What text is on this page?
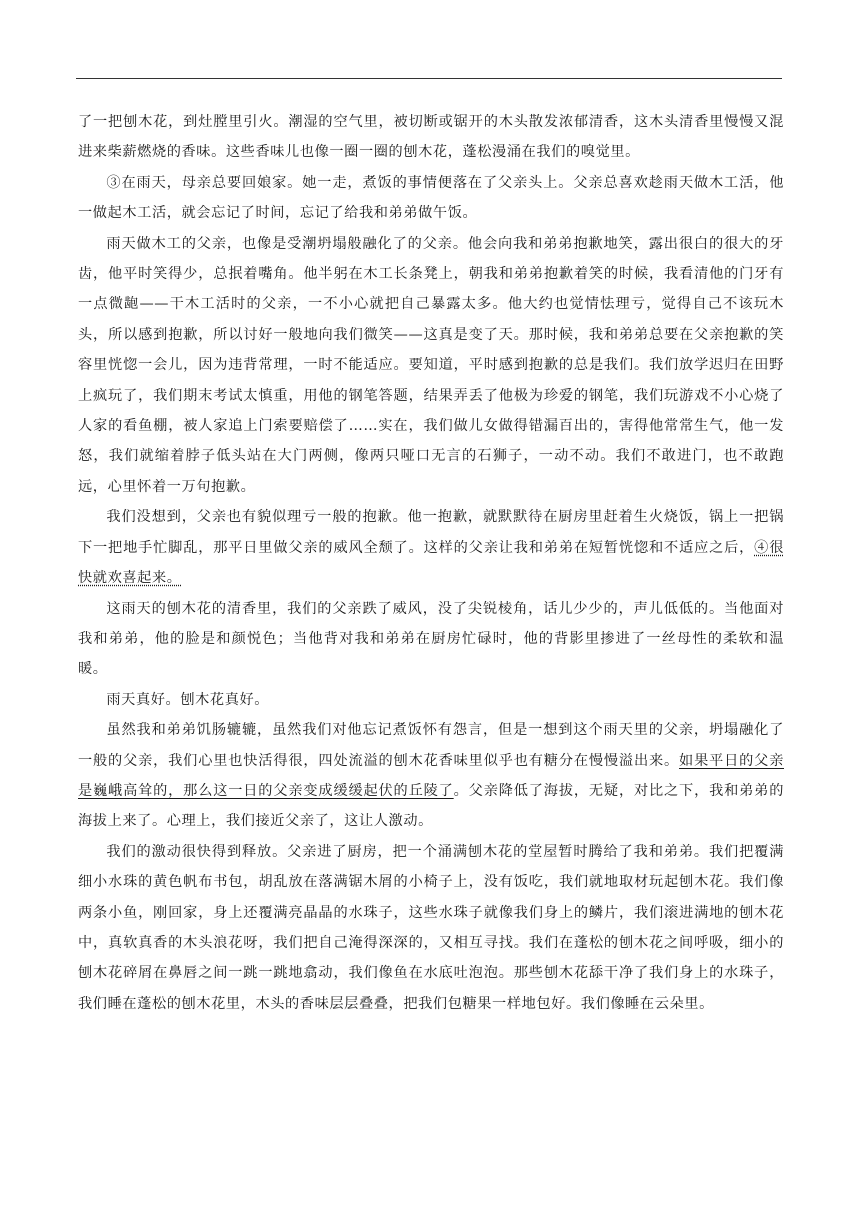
了一把刨木花，到灶膛里引火。潮湿的空气里，被切断或锯开的木头散发浓郁清香，这木头清香里慢慢又混进来柴薪燃烧的香味。这些香味儿也像一圈一圈的刨木花，蓬松漫涌在我们的嗅觉里。

③在雨天，母亲总要回娘家。她一走，煮饭的事情便落在了父亲头上。父亲总喜欢趁雨天做木工活，他一做起木工活，就会忘记了时间，忘记了给我和弟弟做午饭。

雨天做木工的父亲，也像是受潮坍塌般融化了的父亲。他会向我和弟弟抱歉地笑，露出很白的很大的牙齿，他平时笑得少，总抿着嘴角。他半躬在木工长条凳上，朝我和弟弟抱歉着笑的时候，我看清他的门牙有一点微龅——干木工活时的父亲，一不小心就把自己暴露太多。他大约也觉情怯理亏，觉得自己不该玩木头，所以感到抱歉，所以讨好一般地向我们微笑——这真是变了天。那时候，我和弟弟总要在父亲抱歉的笑容里恍惚一会儿，因为违背常理，一时不能适应。要知道，平时感到抱歉的总是我们。我们放学迟归在田野上疯玩了，我们期末考试太慎重，用他的钢笔答题，结果弄丢了他极为珍爱的钢笔，我们玩游戏不小心烧了人家的看鱼棚，被人家追上门索要赔偿了……实在，我们做儿女做得错漏百出的，害得他常常生气，他一发怒，我们就缩着脖子低头站在大门两侧，像两只哑口无言的石狮子，一动不动。我们不敢进门，也不敢跑远，心里怀着一万句抱歉。

我们没想到，父亲也有貌似理亏一般的抱歉。他一抱歉，就默默待在厨房里赶着生火烧饭，锅上一把锅下一把地手忙脚乱，那平日里做父亲的威风全颓了。这样的父亲让我和弟弟在短暂恍惚和不适应之后，④很快就欢喜起来。

这雨天的刨木花的清香里，我们的父亲跌了威风，没了尖锐棱角，话儿少少的，声儿低低的。当他面对我和弟弟，他的脸是和颜悦色；当他背对我和弟弟在厨房忙碌时，他的背影里掺进了一丝母性的柔软和温暖。

雨天真好。刨木花真好。

虽然我和弟弟饥肠辘辘，虽然我们对他忘记煮饭怀有怨言，但是一想到这个雨天里的父亲，坍塌融化了一般的父亲，我们心里也快活得很，四处流溢的刨木花香味里似乎也有糖分在慢慢溢出来。如果平日的父亲是巍峨高耸的，那么这一日的父亲变成缓缓起伏的丘陵了。父亲降低了海拔，无疑，对比之下，我和弟弟的海拔上来了。心理上，我们接近父亲了，这让人激动。

我们的激动很快得到释放。父亲进了厨房，把一个涌满刨木花的堂屋暂时腾给了我和弟弟。我们把覆满细小水珠的黄色帆布书包，胡乱放在落满锯木屑的小椅子上，没有饭吃，我们就地取材玩起刨木花。我们像两条小鱼，刚回家，身上还覆满亮晶晶的水珠子，这些水珠子就像我们身上的鳞片，我们滚进满地的刨木花中，真软真香的木头浪花呀，我们把自己淹得深深的，又相互寻找。我们在蓬松的刨木花之间呼吸，细小的刨木花碎屑在鼻唇之间一跳一跳地翕动，我们像鱼在水底吐泡泡。那些刨木花舔干净了我们身上的水珠子，我们睡在蓬松的刨木花里，木头的香味层层叠叠，把我们包糖果一样地包好。我们像睡在云朵里。
